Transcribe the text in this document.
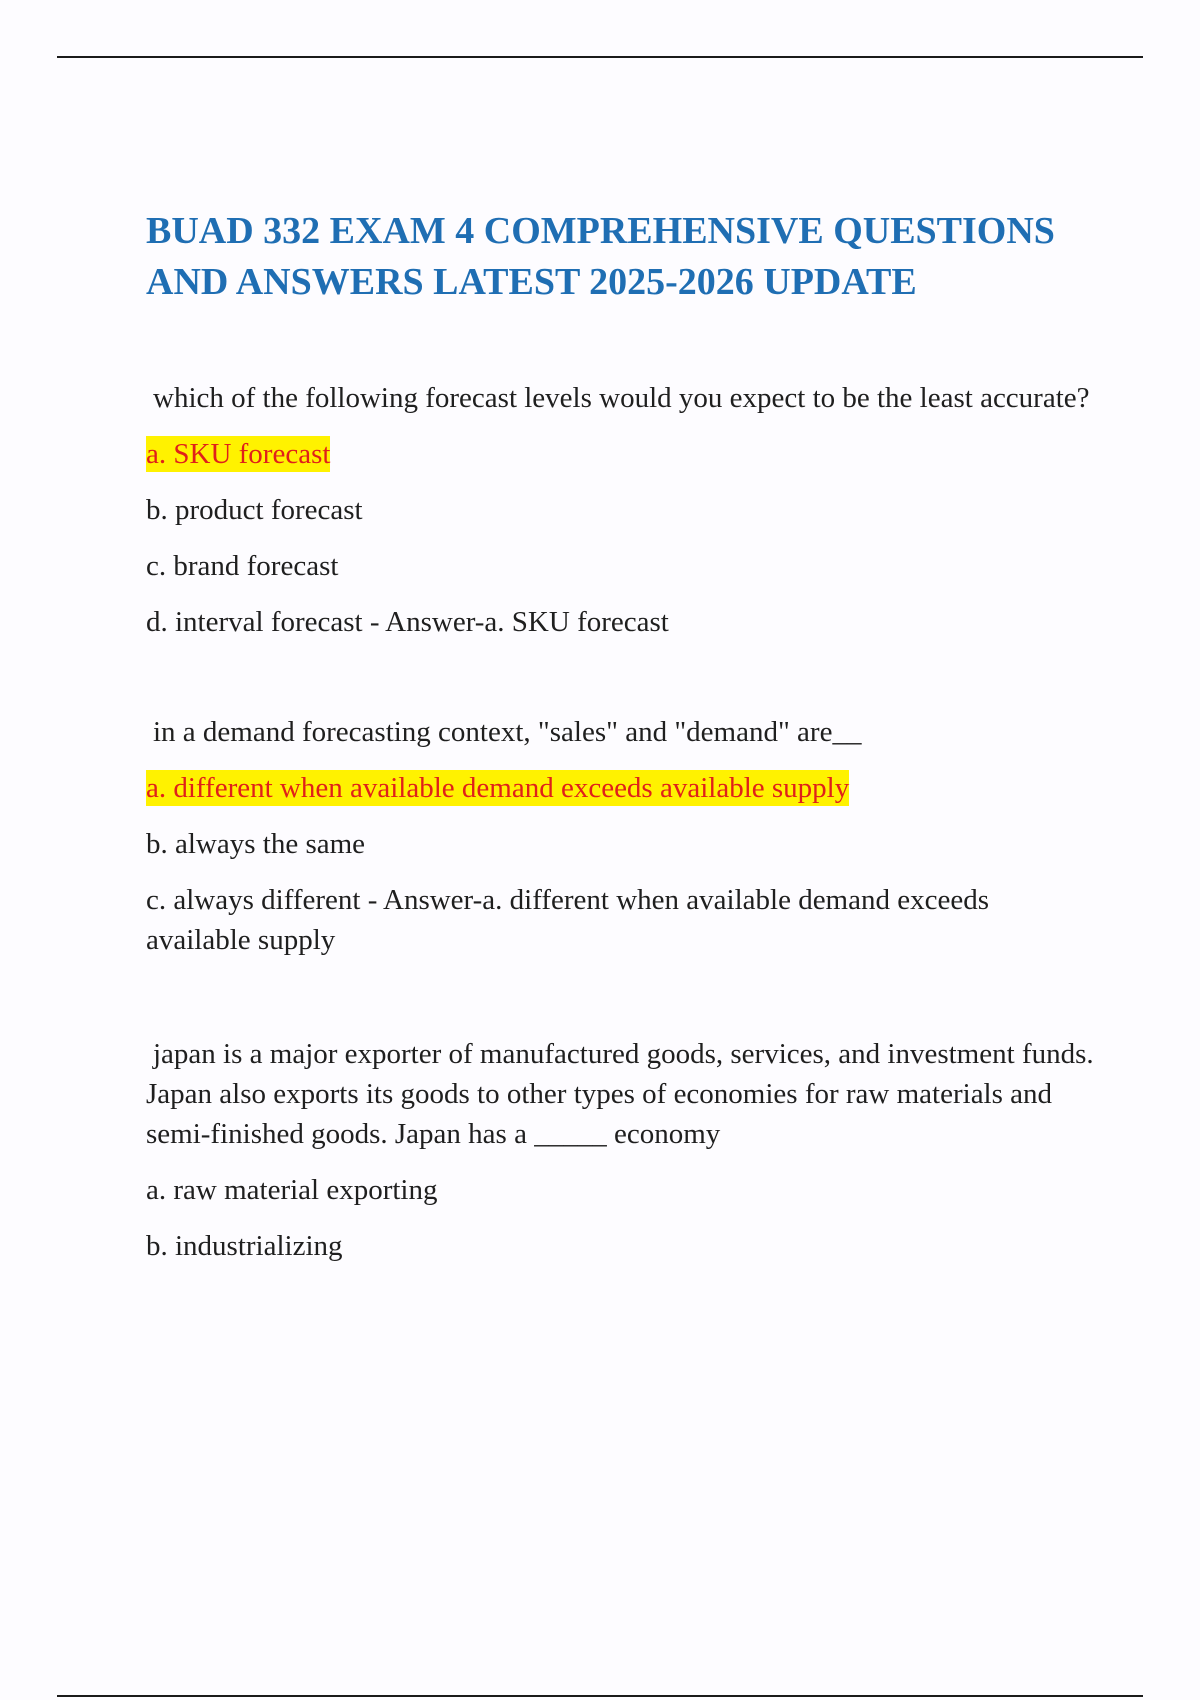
BUAD 332 EXAM 4 COMPREHENSIVE QUESTIONS AND ANSWERS LATEST 2025-2026 UPDATE

which of the following forecast levels would you expect to be the least accurate?

a. SKU forecast

b. product forecast

c. brand forecast

d. interval forecast - Answer-a. SKU forecast

in a demand forecasting context, "sales" and "demand" are__

a. different when available demand exceeds available supply

b. always the same

c. always different - Answer-a. different when available demand exceeds available supply

japan is a major exporter of manufactured goods, services, and investment funds. Japan also exports its goods to other types of economies for raw materials and semi-finished goods. Japan has a _____ economy

a. raw material exporting

b. industrializing
